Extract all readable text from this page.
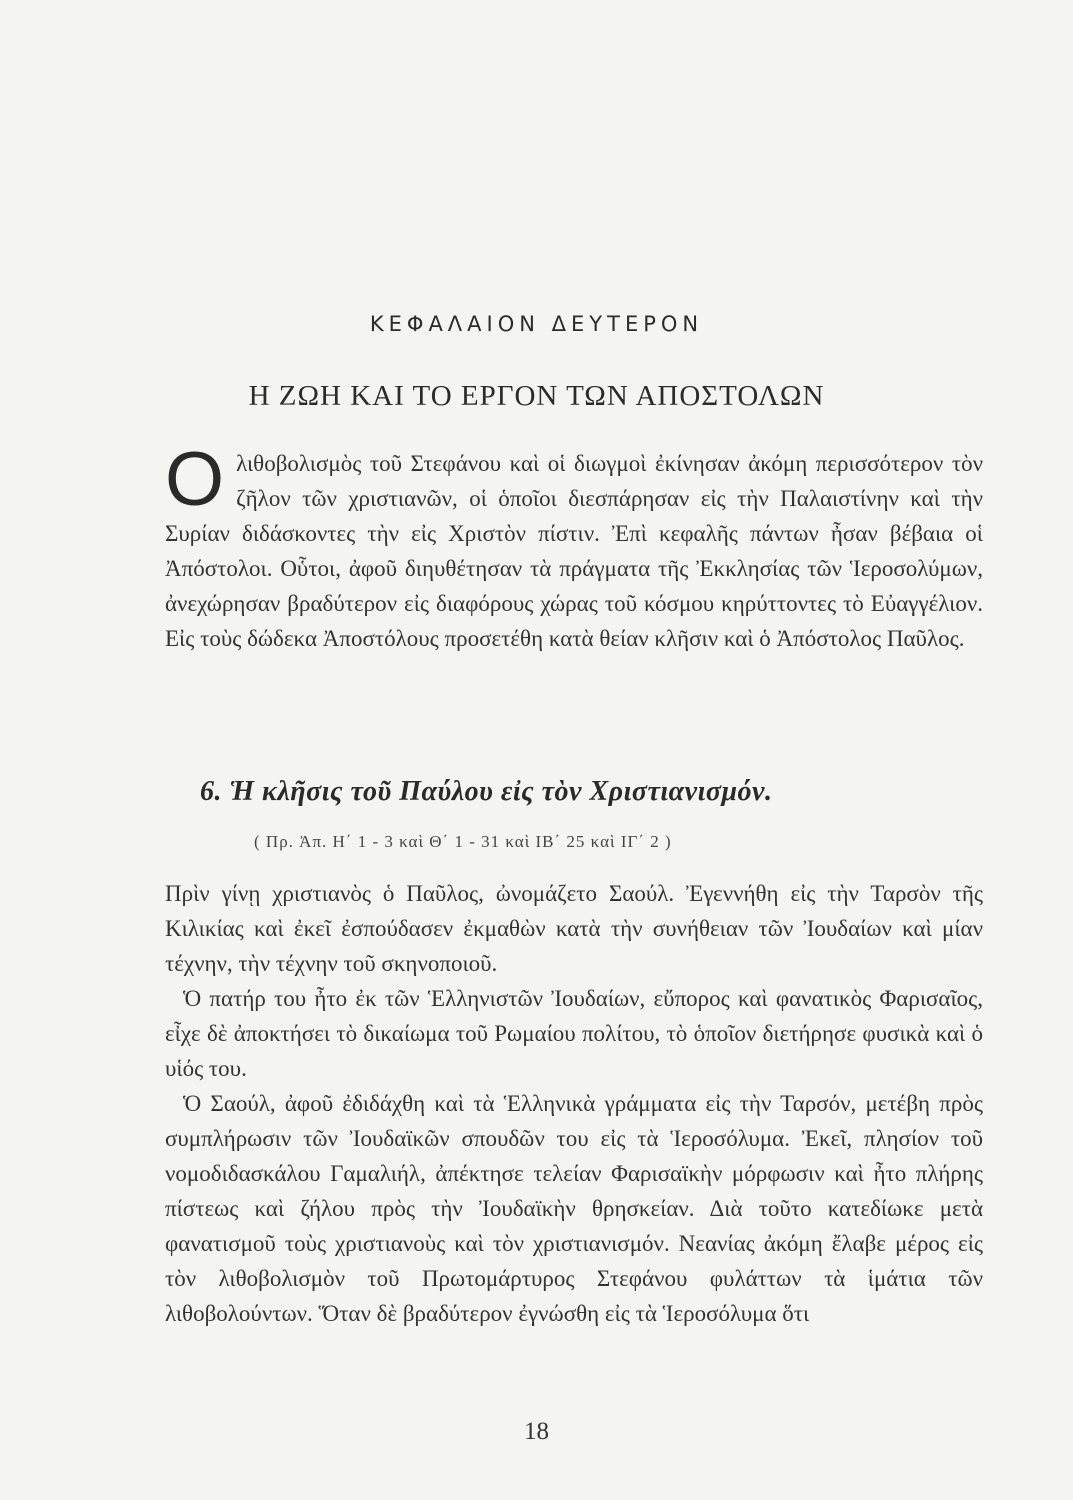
ΚΕΦΑΛΑΙΟΝ ΔΕΥΤΕΡΟΝ
Η ΖΩΗ ΚΑΙ ΤΟ ΕΡΓΟΝ ΤΩΝ ΑΠΟΣΤΟΛΩΝ
Ο λιθοβολισμὸς τοῦ Στεφάνου καὶ οἱ διωγμοὶ ἐκίνησαν ἀκόμη περισσότερον τὸν ζῆλον τῶν χριστιανῶν, οἱ ὁποῖοι διεσπάρησαν εἰς τὴν Παλαιστίνην καὶ τὴν Συρίαν διδάσκοντες τὴν εἰς Χριστὸν πίστιν. Ἐπὶ κεφαλῆς πάντων ἦσαν βέβαια οἱ Ἀπόστολοι. Οὗτοι, ἀφοῦ διηυθέτησαν τὰ πράγματα τῆς Ἐκκλησίας τῶν Ἱεροσολύμων, ἀνεχώρησαν βραδύτερον εἰς διαφόρους χώρας τοῦ κόσμου κηρύττοντες τὸ Εὐαγγέλιον. Εἰς τοὺς δώδεκα Ἀποστόλους προσετέθη κατὰ θείαν κλῆσιν καὶ ὁ Ἀπόστολος Παῦλος.
6. Ἡ κλῆσις τοῦ Παύλου εἰς τὸν Χριστιανισμόν.
( Πρ. Ἀπ. Η΄ 1 - 3 καὶ Θ΄ 1 - 31 καὶ ΙΒ΄ 25 καὶ ΙΓ΄ 2 )

Πρὶν γίνῃ χριστιανὸς ὁ Παῦλος, ὠνομάζετο Σαούλ. Ἐγεννήθη εἰς τὴν Ταρσὸν τῆς Κιλικίας καὶ ἐκεῖ ἐσπούδασεν ἐκμαθὼν κατὰ τὴν συνήθειαν τῶν Ἰουδαίων καὶ μίαν τέχνην, τὴν τέχνην τοῦ σκηνοποιοῦ.

Ὁ πατήρ του ἦτο ἐκ τῶν Ἑλληνιστῶν Ἰουδαίων, εὔπορος καὶ φανατικὸς Φαρισαῖος, εἶχε δὲ ἀποκτήσει τὸ δικαίωμα τοῦ Ρωμαίου πολίτου, τὸ ὁποῖον διετήρησε φυσικὰ καὶ ὁ υἱός του.

Ὁ Σαούλ, ἀφοῦ ἐδιδάχθη καὶ τὰ Ἑλληνικὰ γράμματα εἰς τὴν Ταρσόν, μετέβη πρὸς συμπλήρωσιν τῶν Ἰουδαϊκῶν σπουδῶν του εἰς τὰ Ἱεροσόλυμα. Ἐκεῖ, πλησίον τοῦ νομοδιδασκάλου Γαμαλιήλ, ἀπέκτησε τελείαν Φαρισαϊκὴν μόρφωσιν καὶ ἦτο πλήρης πίστεως καὶ ζήλου πρὸς τὴν Ἰουδαϊκὴν θρησκείαν. Διὰ τοῦτο κατεδίωκε μετὰ φανατισμοῦ τοὺς χριστιανοὺς καὶ τὸν χριστιανισμόν. Νεανίας ἀκόμη ἔλαβε μέρος εἰς τὸν λιθοβολισμὸν τοῦ Πρωτομάρτυρος Στεφάνου φυλάττων τὰ ἱμάτια τῶν λιθοβολούντων. Ὅταν δὲ βραδύτερον ἐγνώσθη εἰς τὰ Ἱεροσόλυμα ὅτι

18
